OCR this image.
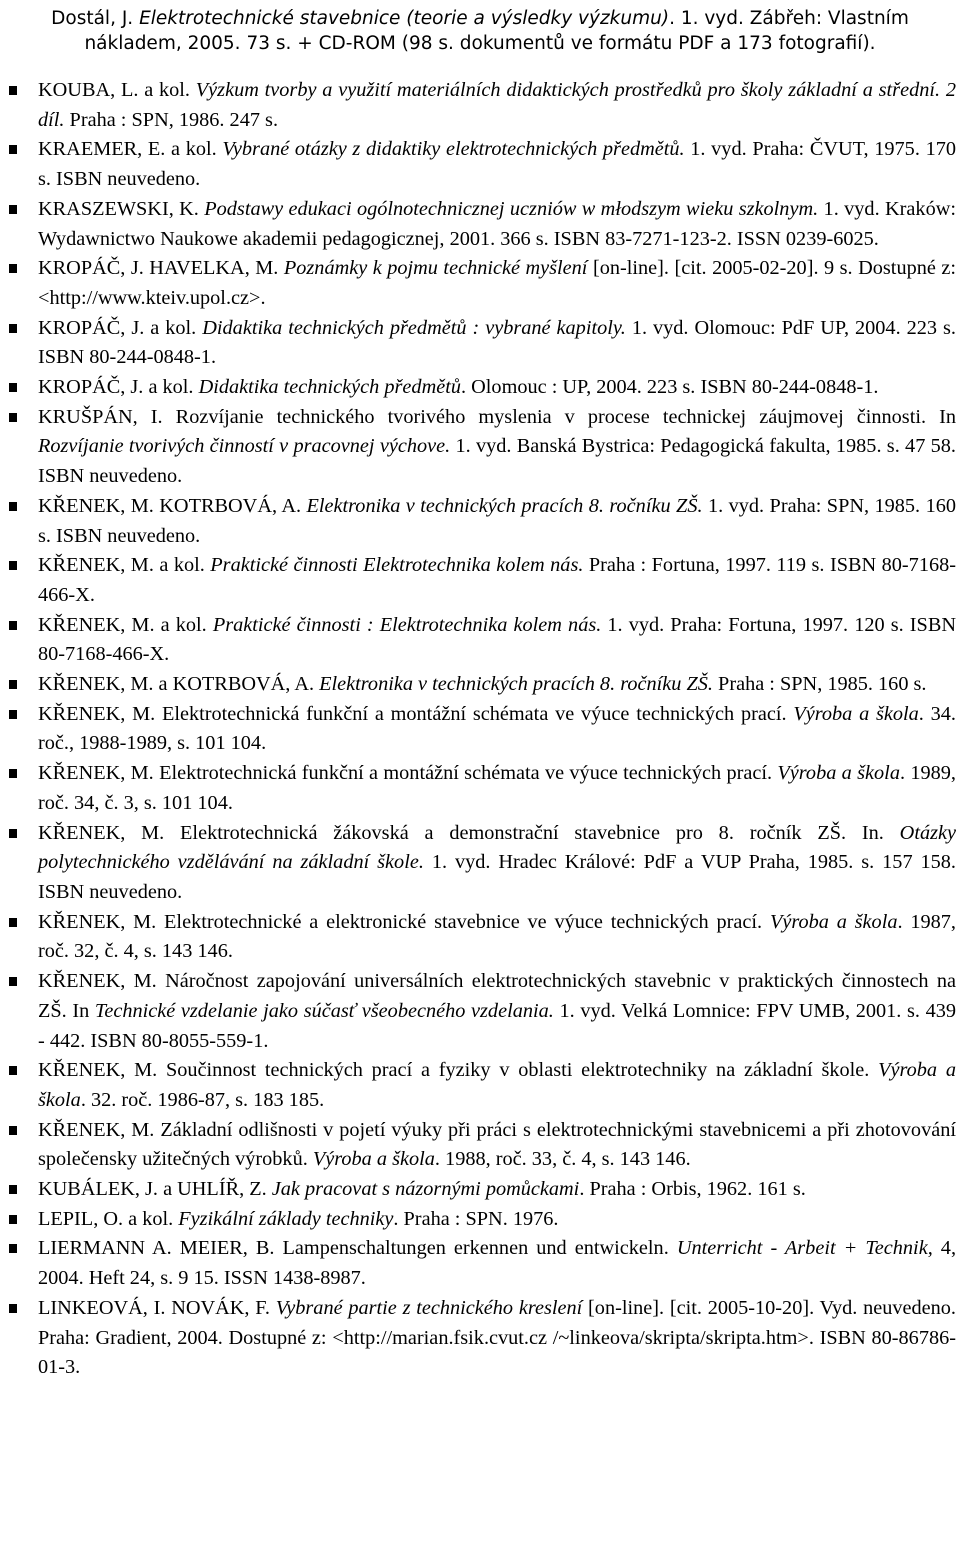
Dostál, J. Elektrotechnické stavebnice (teorie a výsledky výzkumu). 1. vyd. Zábřeh: Vlastním nákladem, 2005. 73 s. + CD-ROM (98 s. dokumentů ve formátu PDF a 173 fotografií).
KOUBA, L. a kol. Výzkum tvorby a využití materiálních didaktických prostředků pro školy základní a střední. 2 díl. Praha : SPN, 1986. 247 s.
KRAEMER, E. a kol. Vybrané otázky z didaktiky elektrotechnických předmětů. 1. vyd. Praha: ČVUT, 1975. 170 s. ISBN neuvedeno.
KRASZEWSKI, K. Podstawy edukaci ogólnotechnicznej uczniów w młodszym wieku szkolnym. 1. vyd. Kraków: Wydawnictwo Naukowe akademii pedagogicznej, 2001. 366 s. ISBN 83-7271-123-2. ISSN 0239-6025.
KROPÁČ, J. HAVELKA, M. Poznámky k pojmu technické myšlení [on-line]. [cit. 2005-02-20]. 9 s. Dostupné z: <http://www.kteiv.upol.cz>.
KROPÁČ, J. a kol. Didaktika technických předmětů : vybrané kapitoly. 1. vyd. Olomouc: PdF UP, 2004. 223 s. ISBN 80-244-0848-1.
KROPÁČ, J. a kol. Didaktika technických předmětů. Olomouc : UP, 2004. 223 s. ISBN 80-244-0848-1.
KRUŠPÁN, I. Rozvíjanie technického tvorivého myslenia v procese technickej záujmovej činnosti. In Rozvíjanie tvorivých činností v pracovnej výchove. 1. vyd. Banská Bystrica: Pedagogická fakulta, 1985. s. 47 58. ISBN neuvedeno.
KŘENEK, M. KOTRBOVÁ, A. Elektronika v technických pracích 8. ročníku ZŠ. 1. vyd. Praha: SPN, 1985. 160 s. ISBN neuvedeno.
KŘENEK, M. a kol. Praktické činnosti Elektrotechnika kolem nás. Praha : Fortuna, 1997. 119 s. ISBN 80-7168-466-X.
KŘENEK, M. a kol. Praktické činnosti : Elektrotechnika kolem nás. 1. vyd. Praha: Fortuna, 1997. 120 s. ISBN 80-7168-466-X.
KŘENEK, M. a KOTRBOVÁ, A. Elektronika v technických pracích 8. ročníku ZŠ. Praha : SPN, 1985. 160 s.
KŘENEK, M. Elektrotechnická funkční a montážní schémata ve výuce technických prací. Výroba a škola. 34. roč., 1988-1989, s. 101 104.
KŘENEK, M. Elektrotechnická funkční a montážní schémata ve výuce technických prací. Výroba a škola. 1989, roč. 34, č. 3, s. 101 104.
KŘENEK, M. Elektrotechnická žákovská a demonstrační stavebnice pro 8. ročník ZŠ. In. Otázky polytechnického vzdělávání na základní škole. 1. vyd. Hradec Králové: PdF a VUP Praha, 1985. s. 157 158. ISBN neuvedeno.
KŘENEK, M. Elektrotechnické a elektronické stavebnice ve výuce technických prací. Výroba a škola. 1987, roč. 32, č. 4, s. 143 146.
KŘENEK, M. Náročnost zapojování universálních elektrotechnických stavebnic v praktických činnostech na ZŠ. In Technické vzdelanie jako súčasť všeobecného vzdelania. 1. vyd. Velká Lomnice: FPV UMB, 2001. s. 439 - 442. ISBN 80-8055-559-1.
KŘENEK, M. Součinnost technických prací a fyziky v oblasti elektrotechniky na základní škole. Výroba a škola. 32. roč. 1986-87, s. 183 185.
KŘENEK, M. Základní odlišnosti v pojetí výuky při práci s elektrotechnickými stavebnicemi a při zhotovování společensky užitečných výrobků. Výroba a škola. 1988, roč. 33, č. 4, s. 143 146.
KUBÁLEK, J. a UHLÍŘ, Z. Jak pracovat s názornými pomůckami. Praha : Orbis, 1962. 161 s.
LEPIL, O. a kol. Fyzikální základy techniky. Praha : SPN. 1976.
LIERMANN A. MEIER, B. Lampenschaltungen erkennen und entwickeln. Unterricht - Arbeit + Technik, 4, 2004. Heft 24, s. 9 15. ISSN 1438-8987.
LINKEOVÁ, I. NOVÁK, F. Vybrané partie z technického kreslení [on-line]. [cit. 2005-10-20]. Vyd. neuvedeno. Praha: Gradient, 2004. Dostupné z: <http://marian.fsik.cvut.cz /~linkeova/skripta/skripta.htm>. ISBN 80-86786-01-3.
